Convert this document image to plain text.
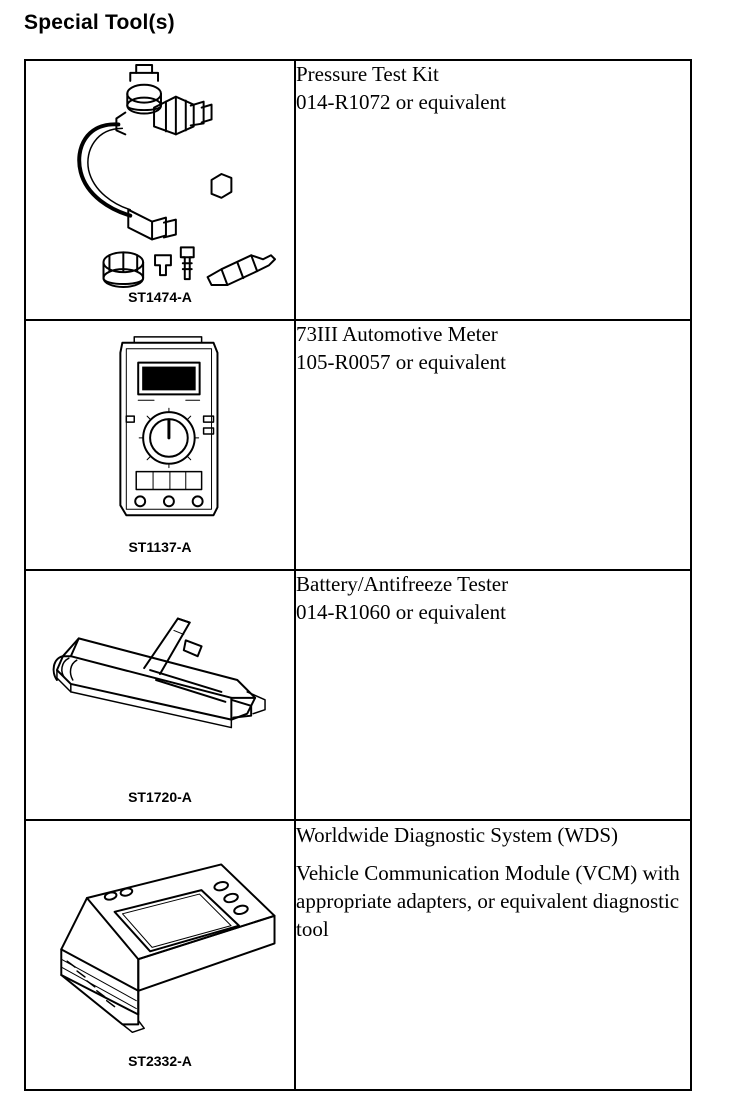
Special Tool(s)
ST1474-A	Pressure Test Kit
014-R1072 or equivalent

ST1137-A	73III Automotive Meter
105-R0057 or equivalent

ST1720-A	Battery/Antifreeze Tester
014-R1060 or equivalent

ST2332-A	Worldwide Diagnostic System (WDS)

Vehicle Communication Module (VCM) with appropriate adapters, or equivalent diagnostic tool
